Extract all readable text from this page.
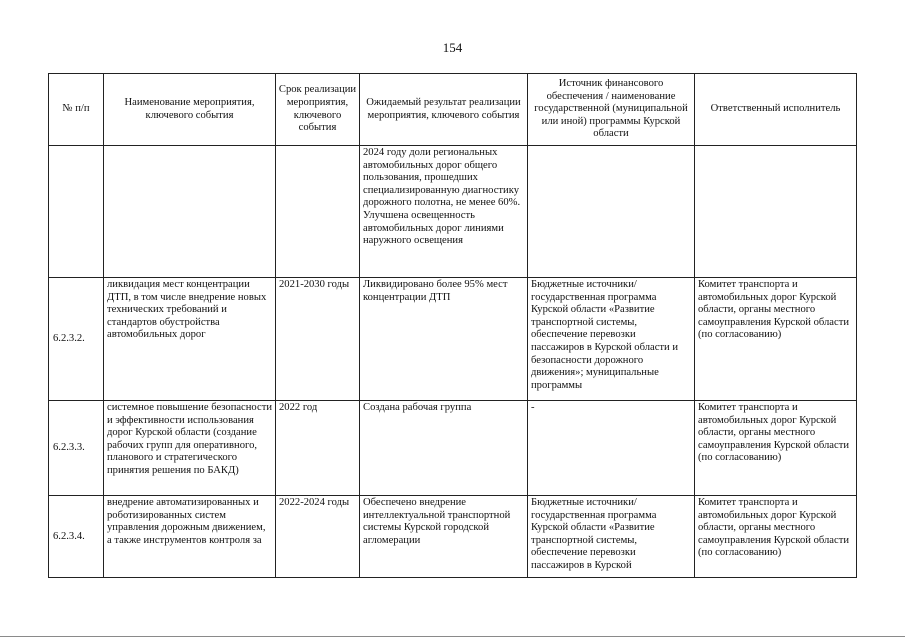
154
№ п/п	Наименование мероприятия, ключевого события	Срок реализации мероприятия, ключевого события	Ожидаемый результат реализации мероприятия, ключевого события	Источник финансового обеспечения / наименование государственной (муниципальной или иной) программы Курской области	Ответственный исполнитель
			2024 году доли региональных автомобильных дорог общего пользования, прошедших специализированную диагностику дорожного полотна, не менее 60%. Улучшена освещенность автомобильных дорог линиями наружного освещения		
6.2.3.2.	ликвидация мест концентрации ДТП, в том числе внедрение новых технических требований и стандартов обустройства автомобильных дорог	2021-2030 годы	Ликвидировано более 95% мест концентрации ДТП	Бюджетные источники/ государственная программа Курской области «Развитие транспортной системы, обеспечение перевозки пассажиров в Курской области и безопасности дорожного движения»; муниципальные программы	Комитет транспорта и автомобильных дорог Курской области, органы местного самоуправления Курской области (по согласованию)
6.2.3.3.	системное повышение безопасности и эффективности использования дорог Курской области (создание рабочих групп для оперативного, планового и стратегического принятия решения по БАКД)	2022 год	Создана рабочая группа	-	Комитет транспорта и автомобильных дорог Курской области, органы местного самоуправления Курской области (по согласованию)
6.2.3.4.	внедрение автоматизированных и роботизированных систем управления дорожным движением, а также инструментов контроля за	2022-2024 годы	Обеспечено внедрение интеллектуальной транспортной системы Курской городской агломерации	Бюджетные источники/ государственная программа Курской области «Развитие транспортной системы, обеспечение перевозки пассажиров в Курской	Комитет транспорта и автомобильных дорог Курской области, органы местного самоуправления Курской области (по согласованию)
